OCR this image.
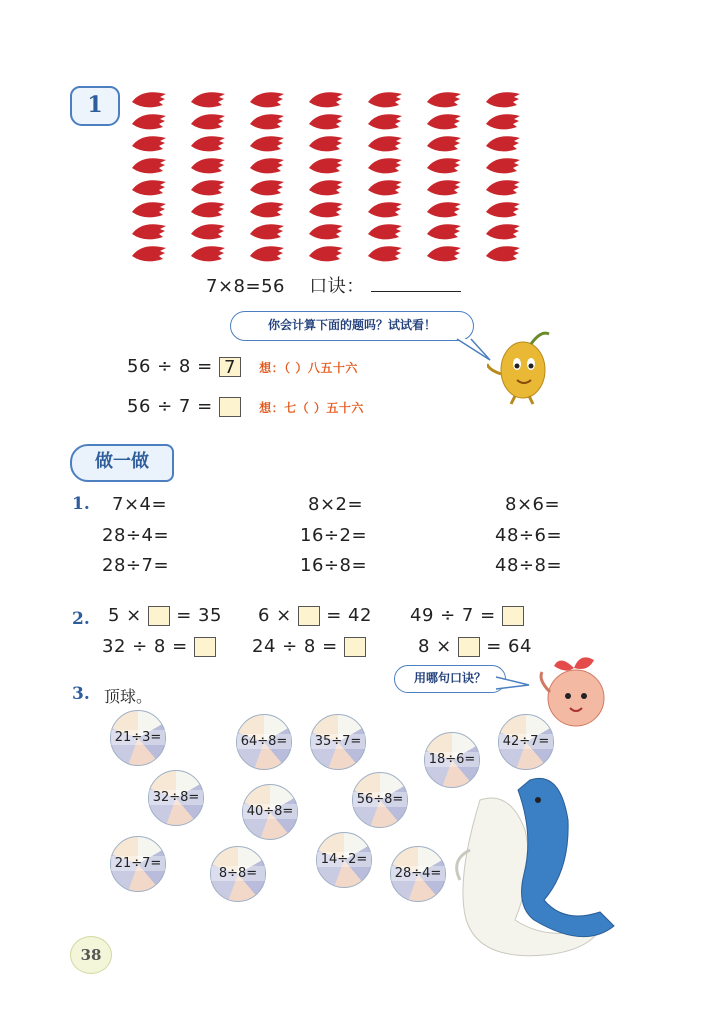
1
7×8=56 口诀：
你会计算下面的题吗？试试看！
56 ÷ 8 = 7 想：（ ）八五十六
56 ÷ 7 =	想：七（ ）五十六
做一做
1. 7×4=	8×2=	8×6=
28÷4=	16÷2=	48÷6=
28÷7=	16÷8=	48÷8=
2. 5 × = 35 6 × = 42 49 ÷ 7 =
32 ÷ 8 =	24 ÷ 8 =	8 × = 64
3. 顶球。
用哪句口诀？
21÷3=	64÷8= 35÷7=
18÷6=
42÷7=
32÷8=
40÷8=
56÷8=
21÷7=
8÷8=
14÷2=
28÷4=
38
